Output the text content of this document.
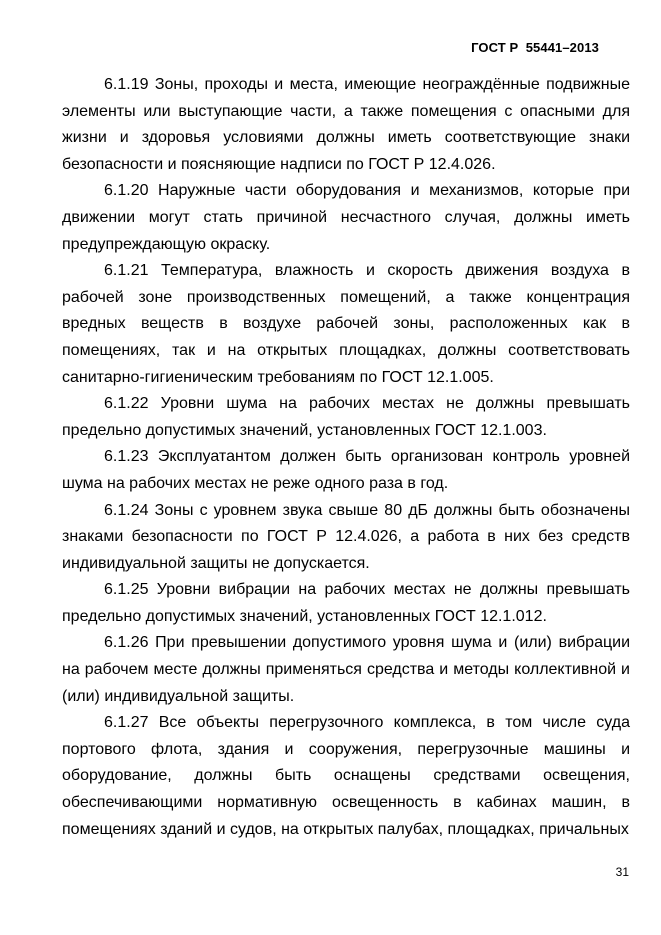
ГОСТ Р  55441–2013

6.1.19 Зоны, проходы и места, имеющие неограждённые подвижные элементы или выступающие части, а также помещения с опасными для жизни и здоровья условиями должны иметь соответствующие знаки безопасности и поясняющие надписи по ГОСТ Р 12.4.026.

6.1.20 Наружные части оборудования и механизмов, которые при движении могут стать причиной несчастного случая, должны иметь предупреждающую окраску.

6.1.21 Температура, влажность и скорость движения воздуха в рабочей зоне производственных помещений, а также концентрация вредных веществ в воздухе рабочей зоны, расположенных как в помещениях, так и на открытых площадках, должны соответствовать санитарно-гигиеническим требованиям по ГОСТ 12.1.005.

6.1.22 Уровни шума на рабочих местах не должны превышать предельно допустимых значений, установленных ГОСТ 12.1.003.

6.1.23 Эксплуатантом должен быть организован контроль уровней шума на рабочих местах не реже одного раза в год.

6.1.24 Зоны с уровнем звука свыше 80 дБ должны быть обозначены знаками безопасности по ГОСТ Р 12.4.026, а работа в них без средств индивидуальной защиты не допускается.

6.1.25 Уровни вибрации на рабочих местах не должны превышать предельно допустимых значений, установленных ГОСТ 12.1.012.

6.1.26 При превышении допустимого уровня шума и (или) вибрации на рабочем месте должны применяться средства и методы коллективной и (или) индивидуальной защиты.

6.1.27 Все объекты перегрузочного комплекса, в том числе суда портового флота, здания и сооружения, перегрузочные машины и оборудование, должны быть оснащены средствами освещения, обеспечивающими нормативную освещенность в кабинах машин, в помещениях зданий и судов, на открытых палубах, площадках, причальных

31
